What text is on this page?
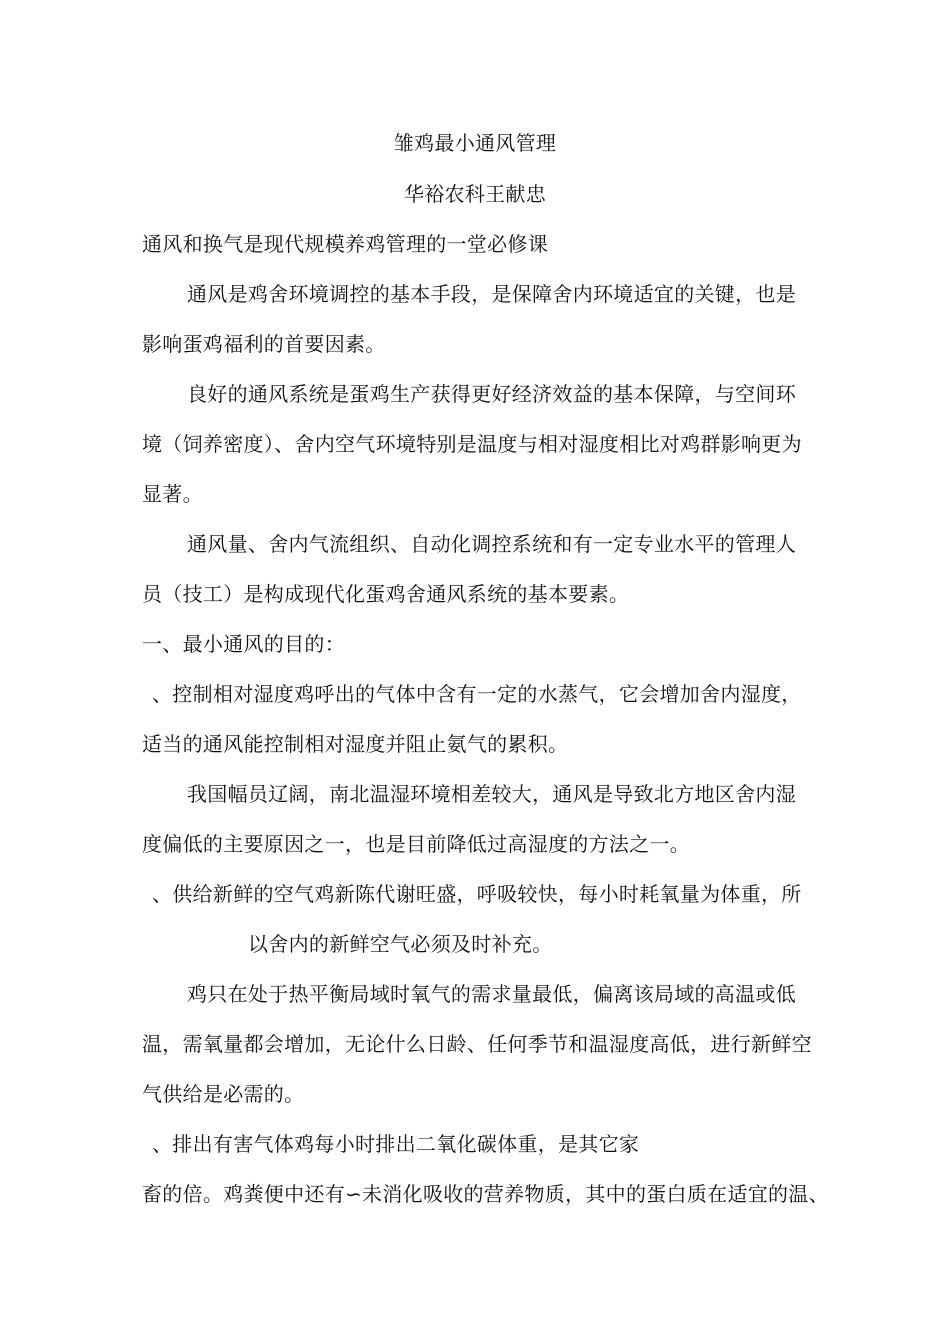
雏鸡最小通风管理
华裕农科王献忠
通风和换气是现代规模养鸡管理的一堂必修课
通风是鸡舍环境调控的基本手段，是保障舍内环境适宜的关键，也是
影响蛋鸡福利的首要因素。
良好的通风系统是蛋鸡生产获得更好经济效益的基本保障，与空间环
境（饲养密度）、舍内空气环境特别是温度与相对湿度相比对鸡群影响更为
显著。
通风量、舍内气流组织、自动化调控系统和有一定专业水平的管理人
员（技工）是构成现代化蛋鸡舍通风系统的基本要素。
一、最小通风的目的：
、控制相对湿度鸡呼出的气体中含有一定的水蒸气，它会增加舍内湿度，
适当的通风能控制相对湿度并阻止氨气的累积。
我国幅员辽阔，南北温湿环境相差较大，通风是导致北方地区舍内湿
度偏低的主要原因之一，也是目前降低过高湿度的方法之一。
、供给新鲜的空气鸡新陈代谢旺盛，呼吸较快，每小时耗氧量为体重，所
以舍内的新鲜空气必须及时补充。
鸡只在处于热平衡局域时氧气的需求量最低，偏离该局域的高温或低
温，需氧量都会增加，无论什么日龄、任何季节和温湿度高低，进行新鲜空
气供给是必需的。
、排出有害气体鸡每小时排出二氧化碳体重，是其它家
畜的倍。鸡粪便中还有∽未消化吸收的营养物质，其中的蛋白质在适宜的温、
